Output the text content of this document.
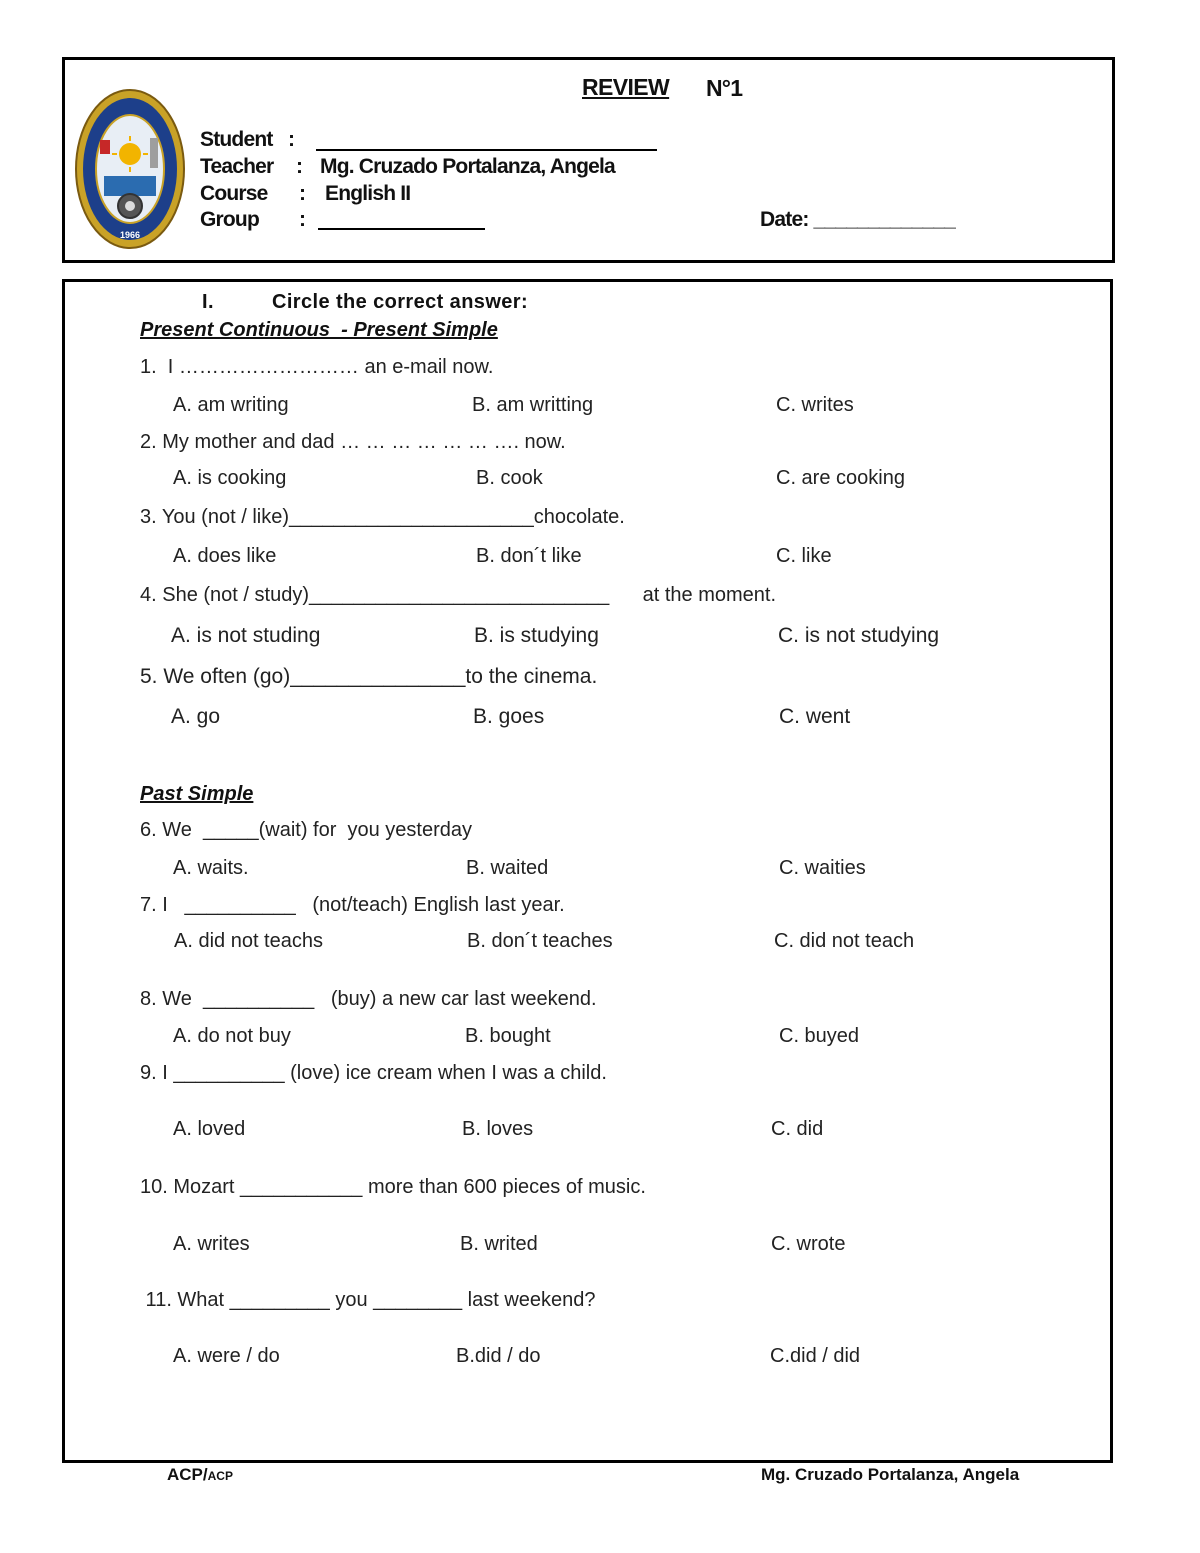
1966
REVIEW N°1
Student :
Teacher : Mg. Cruzado Portalanza, Angela
Course : English II
Group :	Date: _____________
I.	Circle the correct answer:
Present Continuous  - Present Simple
1.  I ……………………… an e-mail now.
A. am writing	B. am writting	C. writes
2. My mother and dad … … … … … … …. now.
A. is cooking	B. cook	C. are cooking
3. You (not / like)______________________chocolate.
A. does like	B. don´t like	C. like
4. She (not / study)___________________________      at the moment.
A. is not studing	B. is studying	C. is not studying
5. We often (go)_______________to the cinema.
A. go	B. goes	C. went
Past Simple
6. We  _____(wait) for  you yesterday
A. waits.	B. waited	C. waities
7. I   __________   (not/teach) English last year.
A. did not teachs	B. don´t teaches	C. did not teach
8. We  __________   (buy) a new car last weekend.
A. do not buy	B. bought	C. buyed
9. I __________ (love) ice cream when I was a child.
A. loved	B. loves	C. did
10. Mozart ___________ more than 600 pieces of music.
A. writes	B. writed	C. wrote
11. What _________ you ________ last weekend?
A. were / do	B.did / do	C.did / did
ACP/ACP	Mg. Cruzado Portalanza, Angela
